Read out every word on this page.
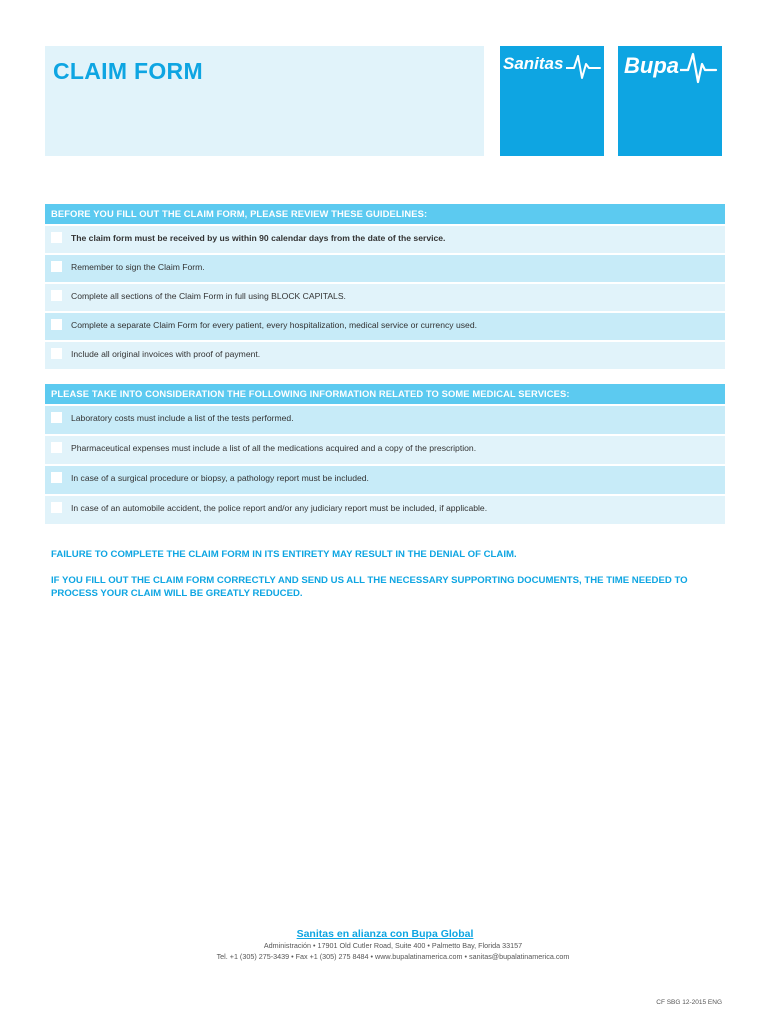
CLAIM FORM	Sanitas	Bupa
BEFORE YOU FILL OUT THE CLAIM FORM, PLEASE REVIEW THESE GUIDELINES:
The claim form must be received by us within 90 calendar days from the date of the service.
Remember to sign the Claim Form.
Complete all sections of the Claim Form in full using BLOCK CAPITALS.
Complete a separate Claim Form for every patient, every hospitalization, medical service or currency used.
Include all original invoices with proof of payment.
PLEASE TAKE INTO CONSIDERATION THE FOLLOWING INFORMATION RELATED TO SOME MEDICAL SERVICES:
Laboratory costs must include a list of the tests performed.
Pharmaceutical expenses must include a list of all the medications acquired and a copy of the prescription.
In case of a surgical procedure or biopsy, a pathology report must be included.
In case of an automobile accident, the police report and/or any judiciary report must be included, if applicable.
FAILURE TO COMPLETE THE CLAIM FORM IN ITS ENTIRETY MAY RESULT IN THE DENIAL OF CLAIM.
IF YOU FILL OUT THE CLAIM FORM CORRECTLY AND SEND US ALL THE NECESSARY SUPPORTING DOCUMENTS, THE TIME NEEDED TO PROCESS YOUR CLAIM WILL BE GREATLY REDUCED.
Sanitas en alianza con Bupa Global
Administración • 17901 Old Cutler Road, Suite 400 • Palmetto Bay, Florida 33157
Tel. +1 (305) 275-3439 • Fax +1 (305) 275 8484 • www.bupalatinamerica.com • sanitas@bupalatinamerica.com
CF SBG 12-2015 ENG
